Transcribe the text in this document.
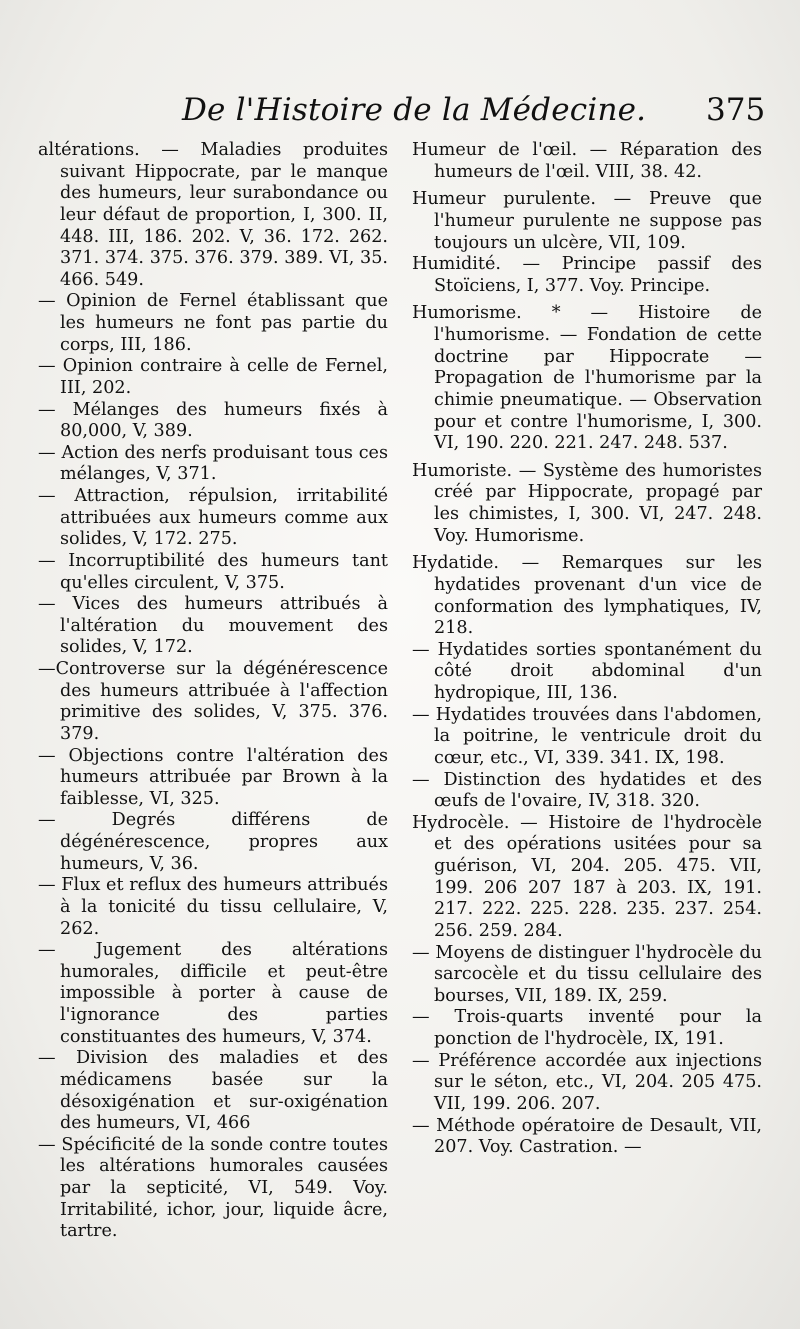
De l'Histoire de la Médecine. 375

altérations. — Maladies produites suivant Hippocrate, par le manque des humeurs, leur surabondance ou leur défaut de proportion, I, 300. II, 448. III, 186. 202. V, 36. 172. 262. 371. 374. 375. 376. 379. 389. VI, 35. 466. 549.

— Opinion de Fernel établissant que les humeurs ne font pas partie du corps, III, 186.

— Opinion contraire à celle de Fernel, III, 202.

— Mélanges des humeurs fixés à 80,000, V, 389.

— Action des nerfs produisant tous ces mélanges, V, 371.

— Attraction, répulsion, irritabilité attribuées aux humeurs comme aux solides, V, 172. 275.

— Incorruptibilité des humeurs tant qu'elles circulent, V, 375.

— Vices des humeurs attribués à l'altération du mouvement des solides, V, 172.

—Controverse sur la dégénérescence des humeurs attribuée à l'affection primitive des solides, V, 375. 376. 379.

— Objections contre l'altération des humeurs attribuée par Brown à la faiblesse, VI, 325.

— Degrés différens de dégénérescence, propres aux humeurs, V, 36.

— Flux et reflux des humeurs attribués à la tonicité du tissu cellulaire, V, 262.

— Jugement des altérations humorales, difficile et peut-être impossible à porter à cause de l'ignorance des parties constituantes des humeurs, V, 374.

— Division des maladies et des médicamens basée sur la désoxigénation et sur-oxigénation des humeurs, VI, 466

— Spécificité de la sonde contre toutes les altérations humorales causées par la septicité, VI, 549. Voy. Irritabilité, ichor, jour, liquide âcre, tartre.

Humeur de l'œil. — Réparation des humeurs de l'œil. VIII, 38. 42.

Humeur purulente. — Preuve que l'humeur purulente ne suppose pas toujours un ulcère, VII, 109.

Humidité. — Principe passif des Stoïciens, I, 377. Voy. Principe.

Humorisme. * — Histoire de l'humorisme. — Fondation de cette doctrine par Hippocrate — Propagation de l'humorisme par la chimie pneumatique. — Observation pour et contre l'humorisme, I, 300. VI, 190. 220. 221. 247. 248. 537.

Humoriste. — Système des humoristes créé par Hippocrate, propagé par les chimistes, I, 300. VI, 247. 248. Voy. Humorisme.

Hydatide. — Remarques sur les hydatides provenant d'un vice de conformation des lymphatiques, IV, 218.

— Hydatides sorties spontanément du côté droit abdominal d'un hydropique, III, 136.

— Hydatides trouvées dans l'abdomen, la poitrine, le ventricule droit du cœur, etc., VI, 339. 341. IX, 198.

— Distinction des hydatides et des œufs de l'ovaire, IV, 318. 320.

Hydrocèle. — Histoire de l'hydrocèle et des opérations usitées pour sa guérison, VI, 204. 205. 475. VII, 199. 206 207 187 à 203. IX, 191. 217. 222. 225. 228. 235. 237. 254. 256. 259. 284.

— Moyens de distinguer l'hydrocèle du sarcocèle et du tissu cellulaire des bourses, VII, 189. IX, 259.

— Trois-quarts inventé pour la ponction de l'hydrocèle, IX, 191.

— Préférence accordée aux injections sur le séton, etc., VI, 204. 205 475. VII, 199. 206. 207.

— Méthode opératoire de Desault, VII, 207. Voy. Castration. —
